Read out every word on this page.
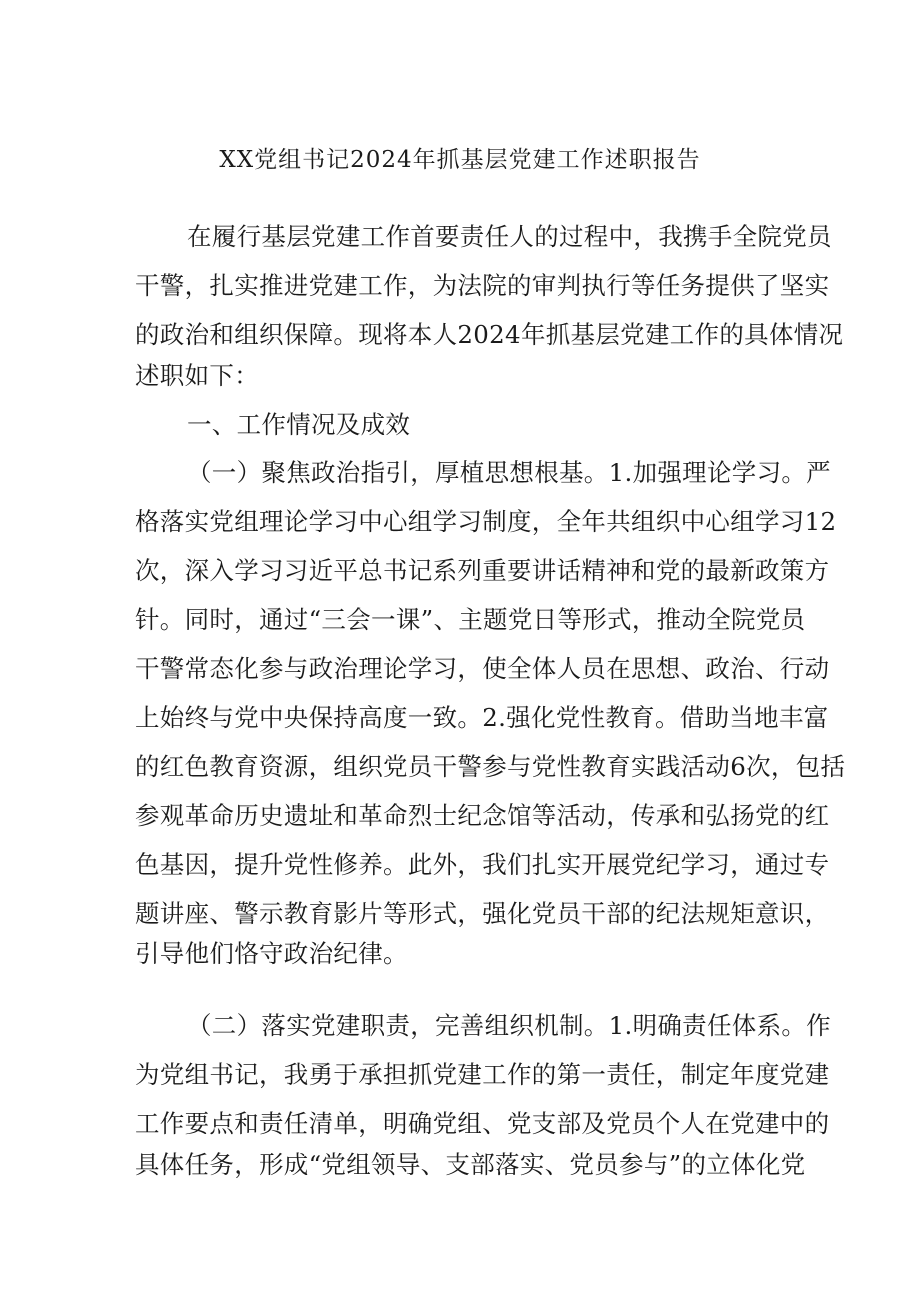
XX党组书记2024年抓基层党建工作述职报告
在履行基层党建工作首要责任人的过程中，我携手全院党员
干警，扎实推进党建工作，为法院的审判执行等任务提供了坚实
的政治和组织保障。现将本人2024年抓基层党建工作的具体情况
述职如下：
一、工作情况及成效
（一）聚焦政治指引，厚植思想根基。1.加强理论学习。严
格落实党组理论学习中心组学习制度，全年共组织中心组学习12
次，深入学习习近平总书记系列重要讲话精神和党的最新政策方
针。同时，通过“三会一课”、主题党日等形式，推动全院党员
干警常态化参与政治理论学习，使全体人员在思想、政治、行动
上始终与党中央保持高度一致。2.强化党性教育。借助当地丰富
的红色教育资源，组织党员干警参与党性教育实践活动6次，包括
参观革命历史遗址和革命烈士纪念馆等活动，传承和弘扬党的红
色基因，提升党性修养。此外，我们扎实开展党纪学习，通过专
题讲座、警示教育影片等形式，强化党员干部的纪法规矩意识，
引导他们恪守政治纪律。
（二）落实党建职责，完善组织机制。1.明确责任体系。作
为党组书记，我勇于承担抓党建工作的第一责任，制定年度党建
工作要点和责任清单，明确党组、党支部及党员个人在党建中的
具体任务，形成“党组领导、支部落实、党员参与”的立体化党
